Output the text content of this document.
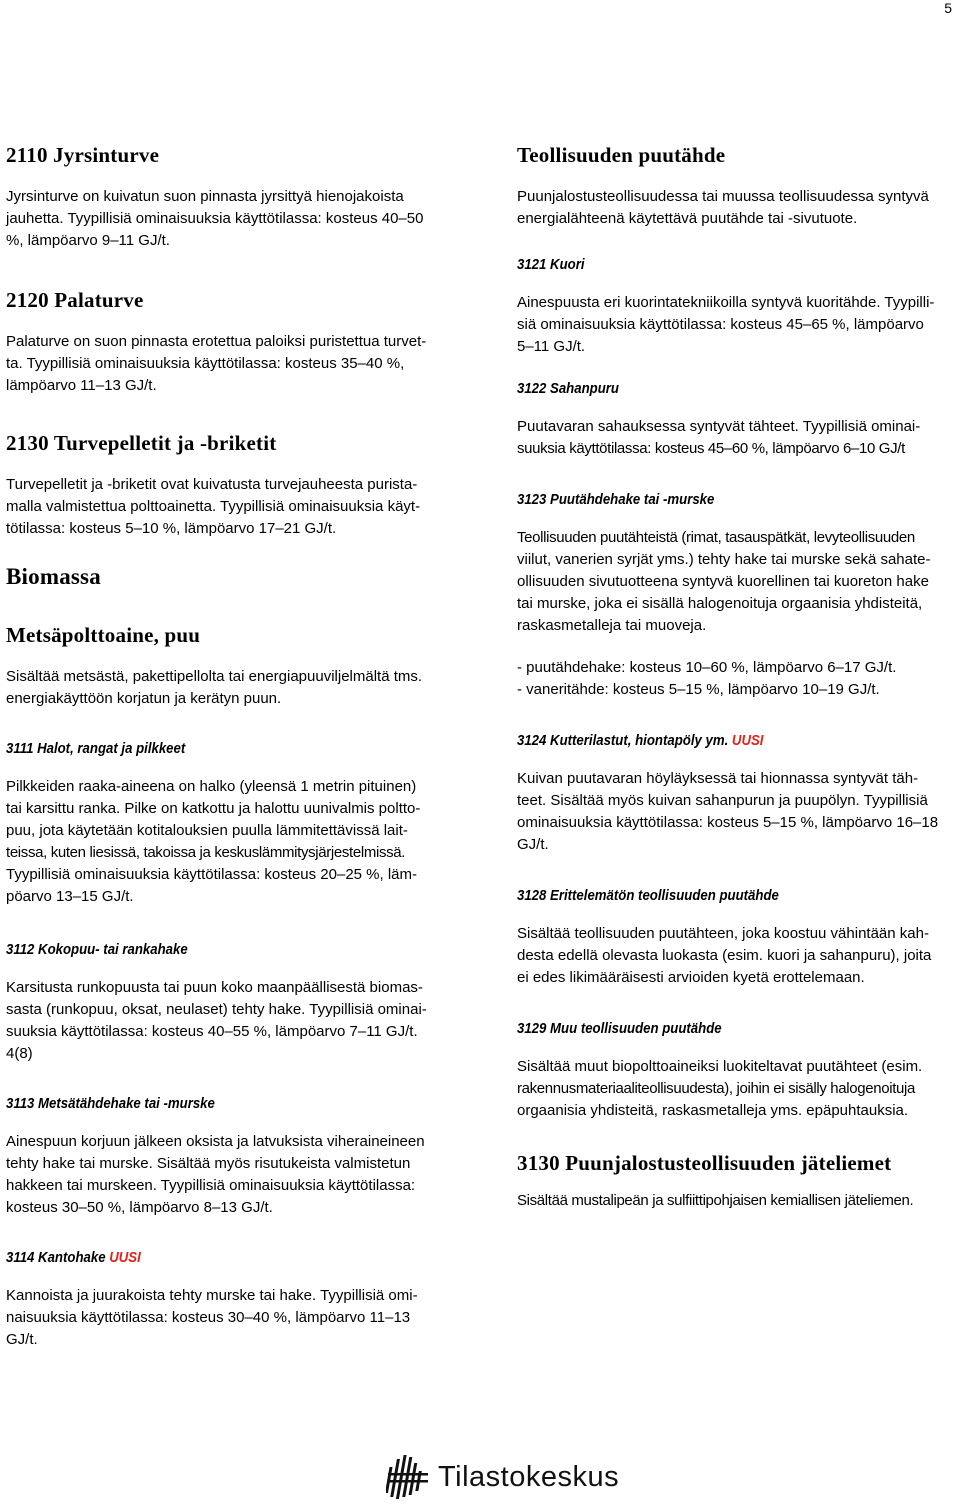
5
2110 Jyrsinturve

Jyrsinturve on kuivatun suon pinnasta jyrsittyä hienojakoista

jauhetta. Tyypillisiä ominaisuuksia käyttötilassa: kosteus 40–50

%, lämpöarvo 9–11 GJ/t.

2120 Palaturve

Palaturve on suon pinnasta erotettua paloiksi puristettua turvet-

ta. Tyypillisiä ominaisuuksia käyttötilassa: kosteus 35–40 %,

lämpöarvo 11–13 GJ/t.

2130 Turvepelletit ja -briketit

Turvepelletit ja -briketit ovat kuivatusta turvejauheesta purista-

malla valmistettua polttoainetta. Tyypillisiä ominaisuuksia käyt-

tötilassa: kosteus 5–10 %, lämpöarvo 17–21 GJ/t.

Biomassa
Metsäpolttoaine, puu

Sisältää metsästä, pakettipellolta tai energiapuuviljelmältä tms.

energiakäyttöön korjatun ja kerätyn puun.

3111 Halot, rangat ja pilkkeet

Pilkkeiden raaka-aineena on halko (yleensä 1 metrin pituinen)

tai karsittu ranka. Pilke on katkottu ja halottu uunivalmis poltto-

puu, jota käytetään kotitalouksien puulla lämmitettävissä lait-

teissa, kuten liesissä, takoissa ja keskuslämmitysjärjestelmissä.

Tyypillisiä ominaisuuksia käyttötilassa: kosteus 20–25 %, läm-

pöarvo 13–15 GJ/t.

3112 Kokopuu- tai rankahake

Karsitusta runkopuusta tai puun koko maanpäällisestä biomas-

sasta (runkopuu, oksat, neulaset) tehty hake. Tyypillisiä ominai-

suuksia käyttötilassa: kosteus 40–55 %, lämpöarvo 7–11 GJ/t.

4(8)

3113 Metsätähdehake tai -murske

Ainespuun korjuun jälkeen oksista ja latvuksista viheraineineen

tehty hake tai murske. Sisältää myös risutukeista valmistetun

hakkeen tai murskeen. Tyypillisiä ominaisuuksia käyttötilassa:

kosteus 30–50 %, lämpöarvo 8–13 GJ/t.

3114 Kantohake UUSI

Kannoista ja juurakoista tehty murske tai hake. Tyypillisiä omi-

naisuuksia käyttötilassa: kosteus 30–40 %, lämpöarvo 11–13

GJ/t.

Teollisuuden puutähde

Puunjalostusteollisuudessa tai muussa teollisuudessa syntyvä

energialähteenä käytettävä puutähde tai -sivutuote.

3121 Kuori

Ainespuusta eri kuorintatekniikoilla syntyvä kuoritähde. Tyypilli-

siä ominaisuuksia käyttötilassa: kosteus 45–65 %, lämpöarvo

5–11 GJ/t.

3122 Sahanpuru

Puutavaran sahauksessa syntyvät tähteet. Tyypillisiä ominai-

suuksia käyttötilassa: kosteus 45–60 %, lämpöarvo 6–10 GJ/t

3123 Puutähdehake tai -murske

Teollisuuden puutähteistä (rimat, tasauspätkät, levyteollisuuden

viilut, vanerien syrjät yms.) tehty hake tai murske sekä sahate-

ollisuuden sivutuotteena syntyvä kuorellinen tai kuoreton hake

tai murske, joka ei sisällä halogenoituja orgaanisia yhdisteitä,

raskasmetalleja tai muoveja.

- puutähdehake: kosteus 10–60 %, lämpöarvo 6–17 GJ/t.

- vaneritähde: kosteus 5–15 %, lämpöarvo 10–19 GJ/t.

3124 Kutterilastut, hiontapöly ym. UUSI

Kuivan puutavaran höyläyksessä tai hionnassa syntyvät täh-

teet. Sisältää myös kuivan sahanpurun ja puupölyn. Tyypillisiä

ominaisuuksia käyttötilassa: kosteus 5–15 %, lämpöarvo 16–18

GJ/t.

3128 Erittelemätön teollisuuden puutähde

Sisältää teollisuuden puutähteen, joka koostuu vähintään kah-

desta edellä olevasta luokasta (esim. kuori ja sahanpuru), joita

ei edes likimääräisesti arvioiden kyetä erottelemaan.

3129 Muu teollisuuden puutähde

Sisältää muut biopolttoaineiksi luokiteltavat puutähteet (esim.

rakennusmateriaaliteollisuudesta), joihin ei sisälly halogenoituja

orgaanisia yhdisteitä, raskasmetalleja yms. epäpuhtauksia.

3130 Puunjalostusteollisuuden jäteliemet

Sisältää mustalipeän ja sulfiittipohjaisen kemiallisen jäteliemen.

Tilastokeskus
